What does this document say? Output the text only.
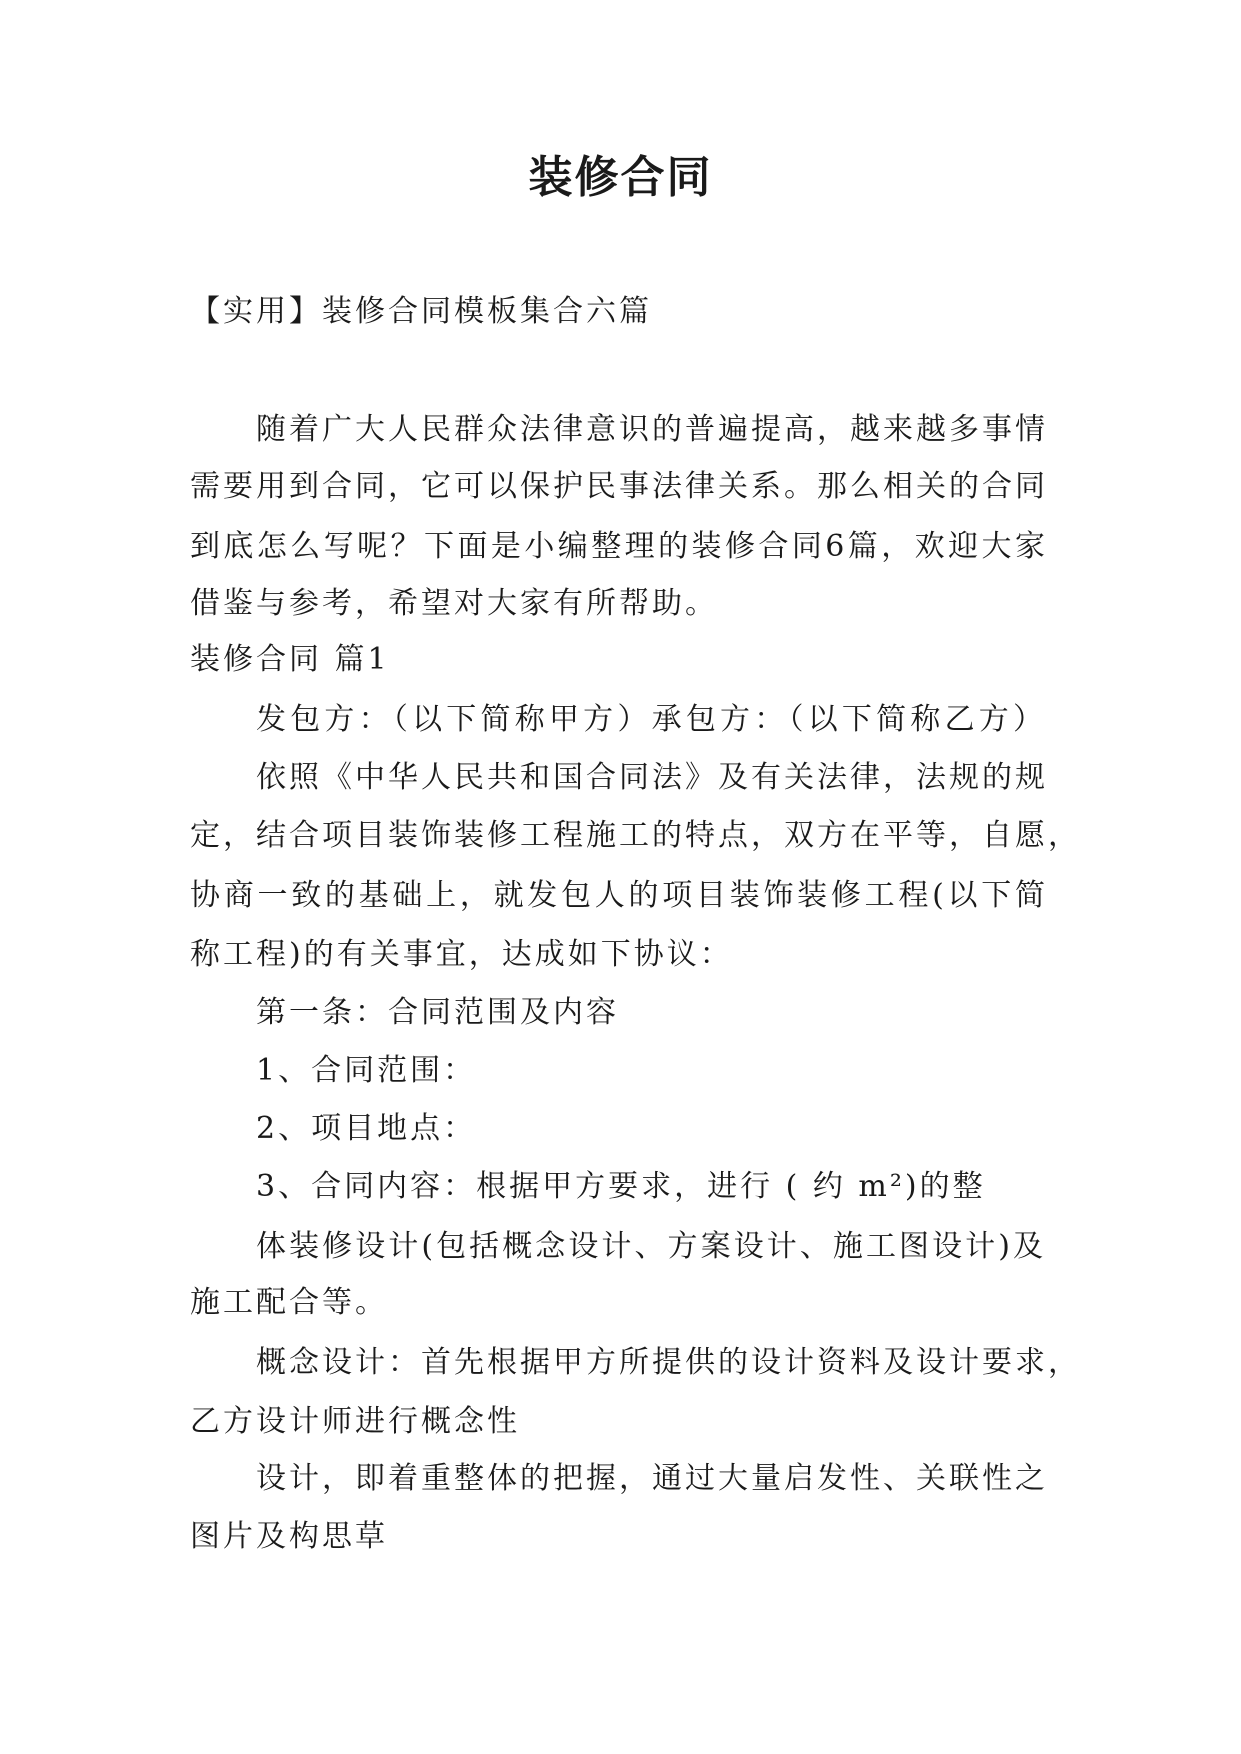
装修合同
【实用】装修合同模板集合六篇
随着广大人民群众法律意识的普遍提高，越来越多事情
需要用到合同，它可以保护民事法律关系。那么相关的合同
到底怎么写呢？下面是小编整理的装修合同6篇，欢迎大家
借鉴与参考，希望对大家有所帮助。
装修合同 篇1
发包方：（以下简称甲方）承包方：（以下简称乙方）
依照《中华人民共和国合同法》及有关法律，法规的规
定，结合项目装饰装修工程施工的特点，双方在平等，自愿，
协商一致的基础上，就发包人的项目装饰装修工程(以下简
称工程)的有关事宜，达成如下协议：
第一条：合同范围及内容
1、合同范围：
2、项目地点：
3、合同内容：根据甲方要求，进行 ( 约 m²)的整
体装修设计(包括概念设计、方案设计、施工图设计)及
施工配合等。
概念设计：首先根据甲方所提供的设计资料及设计要求，
乙方设计师进行概念性
设计，即着重整体的把握，通过大量启发性、关联性之
图片及构思草
